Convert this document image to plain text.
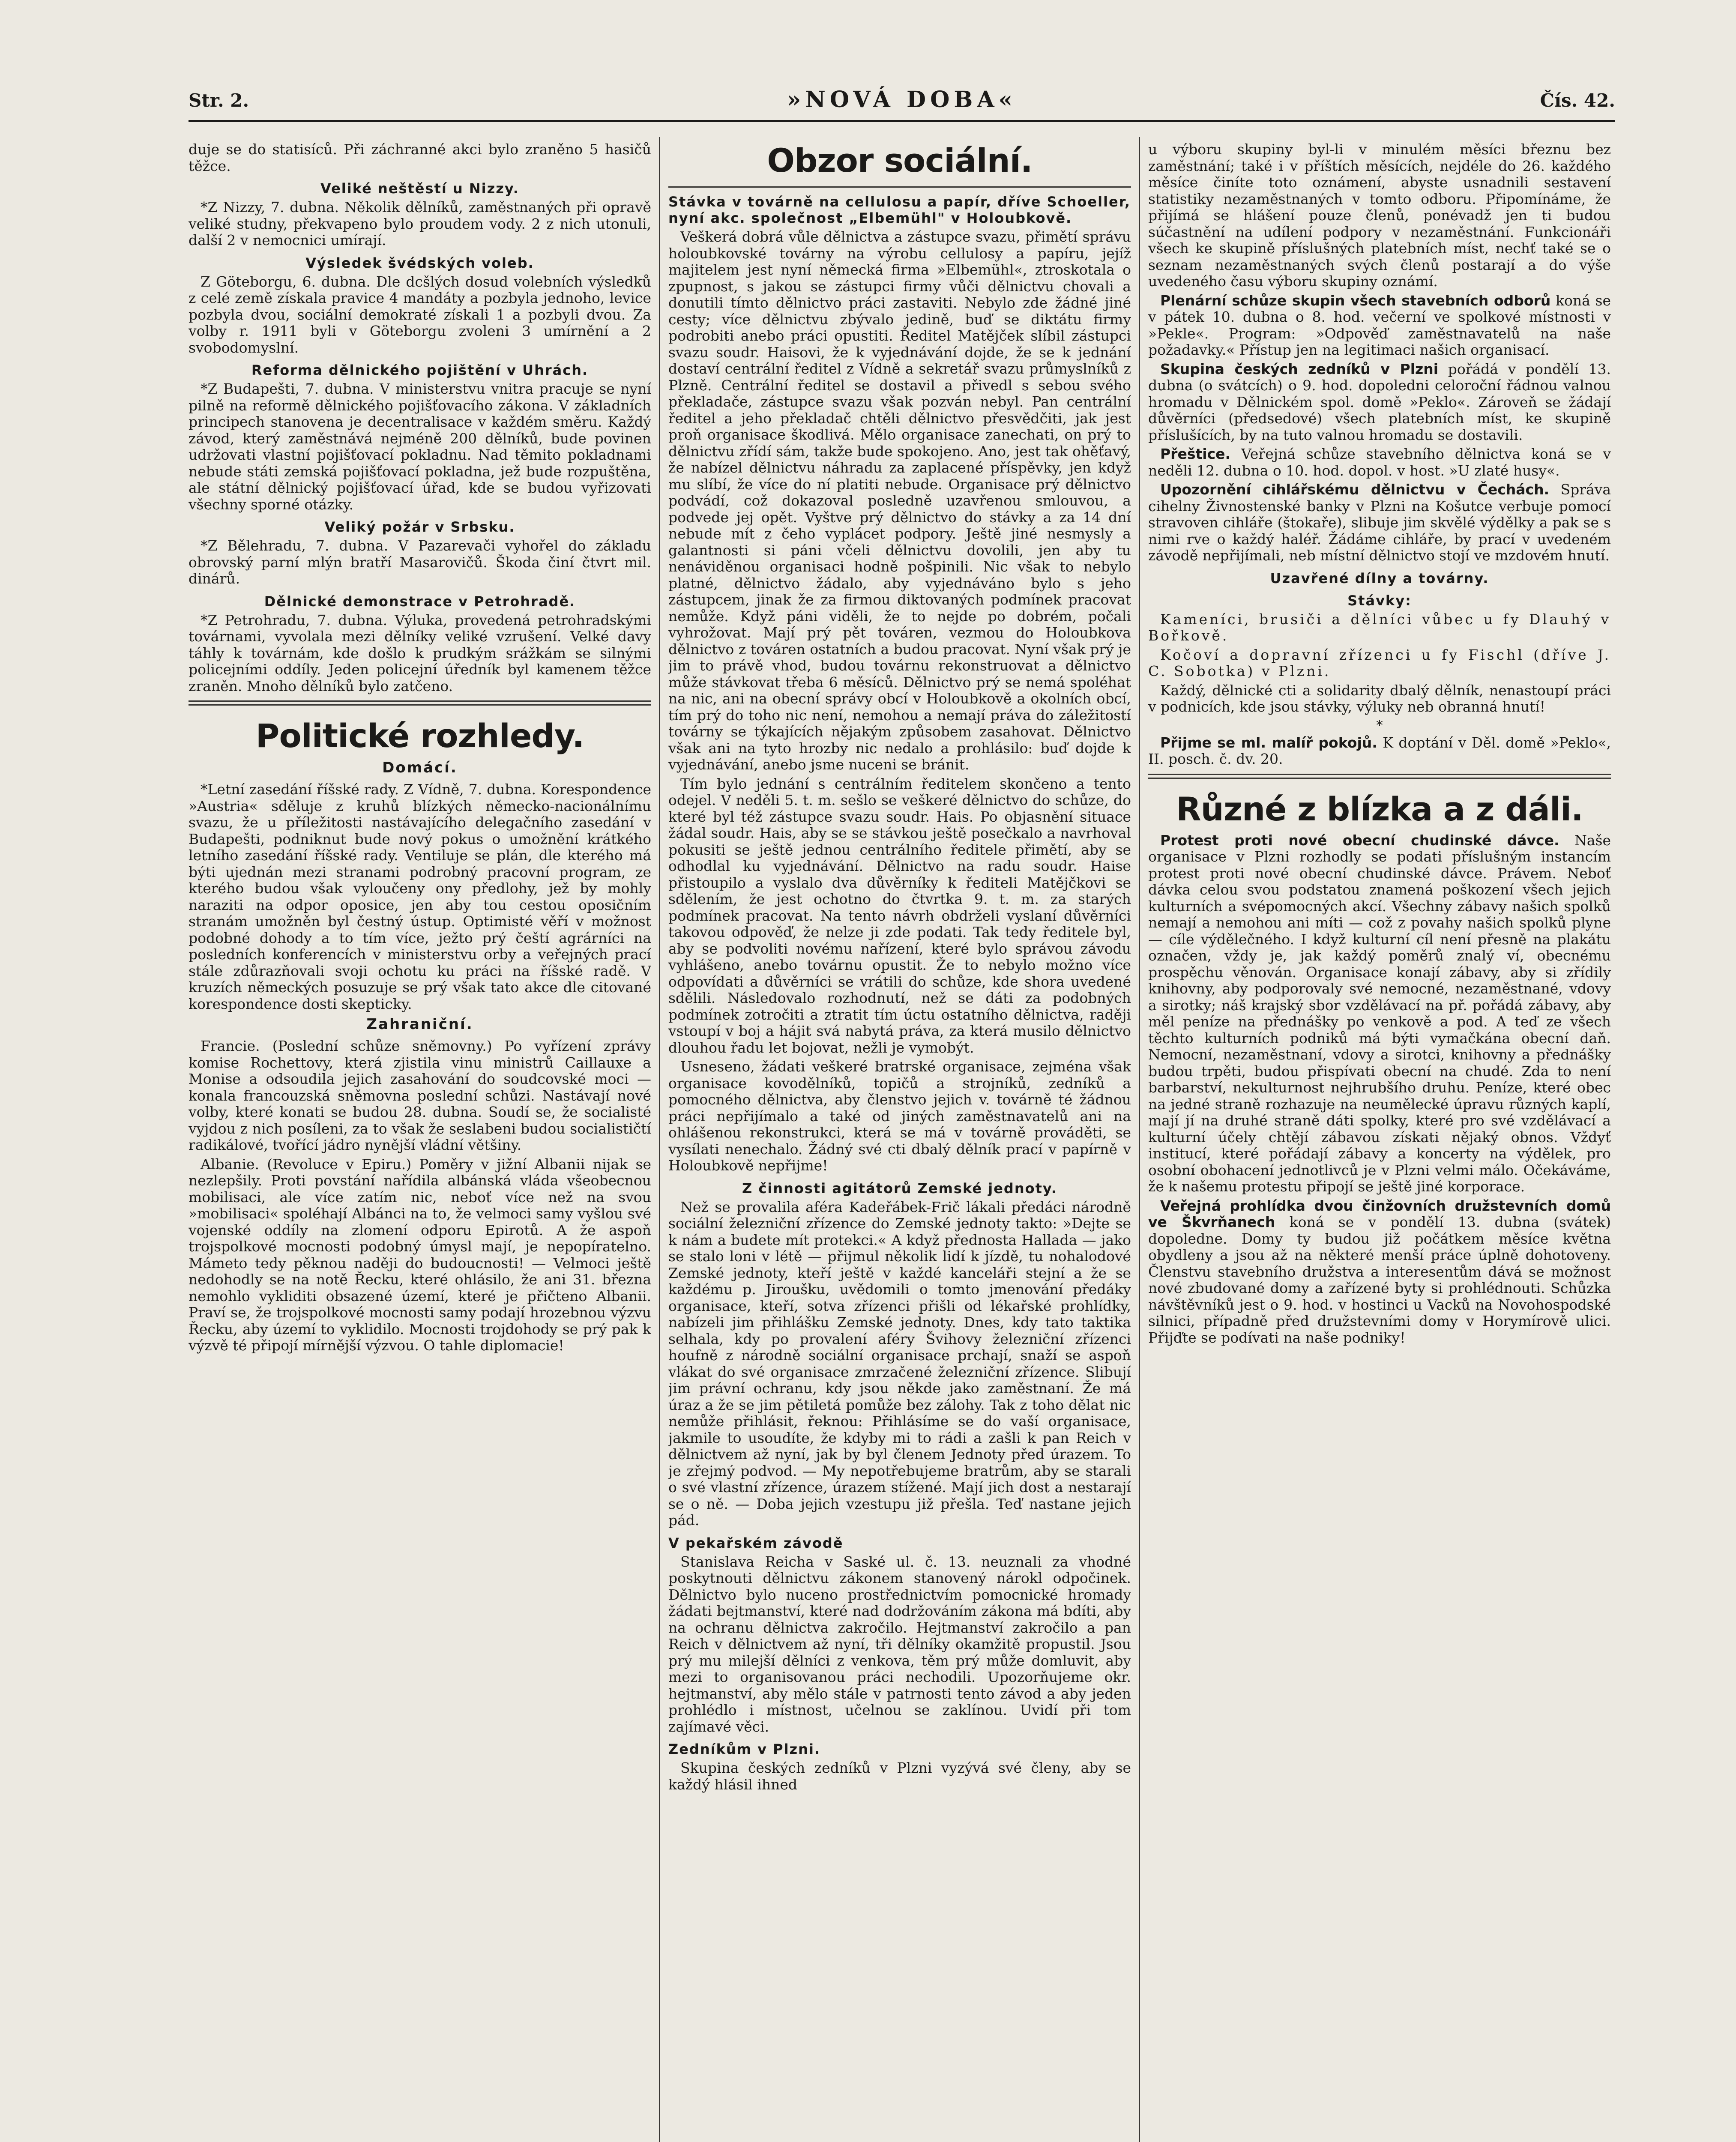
Str. 2.	»NOVÁ DOBA«	Čís. 42.

duje se do statisíců. Při záchranné akci bylo zraněno 5 hasičů těžce.

Veliké neštěstí u Nizzy.

*Z Nizzy, 7. dubna. Několik dělníků, zaměstnaných při opravě veliké studny, překvapeno bylo proudem vody. 2 z nich utonuli, další 2 v nemocnici umírají.

Výsledek švédských voleb.

Z Göteborgu, 6. dubna. Dle dcšlých dosud volebních výsledků z celé země získala pravice 4 mandáty a pozbyla jednoho, levice pozbyla dvou, sociální demokraté získali 1 a pozbyli dvou. Za volby r. 1911 byli v Göteborgu zvoleni 3 umírnění a 2 svobodomyslní.

Reforma dělnického pojištění v Uhrách.

*Z Budapešti, 7. dubna. V ministerstvu vnitra pracuje se nyní pilně na reformě dělnického pojišťovacího zákona. V základních principech stanovena je decentralisace v každém směru. Každý závod, který zaměstnává nejméně 200 dělníků, bude povinen udržovati vlastní pojišťovací pokladnu. Nad těmito pokladnami nebude státi zemská pojišťovací pokladna, jež bude rozpuštěna, ale státní dělnický pojišťovací úřad, kde se budou vyřizovati všechny sporné otázky.

Veliký požár v Srbsku.

*Z Bělehradu, 7. dubna. V Pazarevači vyhořel do základu obrovský parní mlýn bratří Masarovičů. Škoda činí čtvrt mil. dinárů.

Dělnické demonstrace v Petrohradě.

*Z Petrohradu, 7. dubna. Výluka, provedená petrohradskými továrnami, vyvolala mezi dělníky veliké vzrušení. Velké davy táhly k továrnám, kde došlo k prudkým srážkám se silnými policejními oddíly. Jeden policejní úředník byl kamenem těžce zraněn. Mnoho dělníků bylo zatčeno.

Politické rozhledy.
Domácí.

*Letní zasedání říšské rady. Z Vídně, 7. dubna. Korespondence »Austria« sděluje z kruhů blízkých německo-nacionálnímu svazu, že u příležitosti nastávajícího delegačního zasedání v Budapešti, podniknut bude nový pokus o umožnění krátkého letního zasedání říšské rady. Ventiluje se plán, dle kterého má býti ujednán mezi stranami podrobný pracovní program, ze kterého budou však vyloučeny ony předlohy, jež by mohly naraziti na odpor oposice, jen aby tou cestou oposičním stranám umožněn byl čestný ústup. Optimisté věří v možnost podobné dohody a to tím více, ježto prý čeští agrárníci na posledních konferencích v ministerstvu orby a veřejných prací stále zdůrazňovali svoji ochotu ku práci na říšské radě. V kruzích německých posuzuje se prý však tato akce dle citované korespondence dosti skepticky.

Zahraniční.

Francie. (Poslední schůze sněmovny.) Po vyřízení zprávy komise Rochettovy, která zjistila vinu ministrů Caillauxe a Monise a odsoudila jejich zasahování do soudcovské moci — konala francouzská sněmovna poslední schůzi. Nastávají nové volby, které konati se budou 28. dubna. Soudí se, že socialisté vyjdou z nich posíleni, za to však že seslabeni budou socialističtí radikálové, tvořící jádro nynější vládní většiny.

Albanie. (Revoluce v Epiru.) Poměry v jižní Albanii nijak se nezlepšily. Proti povstání nařídila albánská vláda všeobecnou mobilisaci, ale více zatím nic, neboť více než na svou »mobilisaci« spoléhají Albánci na to, že velmoci samy vyšlou své vojenské oddíly na zlomení odporu Epirotů. A že aspoň trojspolkové mocnosti podobný úmysl mají, je nepopíratelno. Mámeto tedy pěknou naději do budoucnosti! — Velmoci ještě nedohodly se na notě Řecku, které ohlásilo, že ani 31. března nemohlo vykliditi obsazené území, které je přičteno Albanii. Praví se, že trojspolkové mocnosti samy podají hrozebnou výzvu Řecku, aby území to vyklidilo. Mocnosti trojdohody se prý pak k výzvě té připojí mírnější výzvou. O tahle diplomacie!

Obzor sociální.
Stávka v továrně na cellulosu a papír, dříve Schoeller, nyní akc. společnost „Elbemühl" v Holoubkově.

Veškerá dobrá vůle dělnictva a zástupce svazu, přimětí správu holoubkovské továrny na výrobu cellulosy a papíru, jejíž majitelem jest nyní německá firma »Elbemühl«, ztroskotala o zpupnost, s jakou se zástupci firmy vůči dělnictvu chovali a donutili tímto dělnictvo práci zastaviti. Nebylo zde žádné jiné cesty; více dělnictvu zbývalo jedině, buď se diktátu firmy podrobiti anebo práci opustiti. Ředitel Matějček slíbil zástupci svazu soudr. Haisovi, že k vyjednávání dojde, že se k jednání dostaví centrální ředitel z Vídně a sekretář svazu průmyslníků z Plzně. Centrální ředitel se dostavil a přivedl s sebou svého překladače, zástupce svazu však pozván nebyl. Pan centrální ředitel a jeho překladač chtěli dělnictvo přesvědčiti, jak jest proň organisace škodlivá. Mělo organisace zanechati, on prý to dělnictvu zřídí sám, takže bude spokojeno. Ano, jest tak ohěťavý, že nabízel dělnictvu náhradu za zaplacené příspěvky, jen když mu slíbí, že více do ní platiti nebude. Organisace prý dělnictvo podvádí, což dokazoval posledně uzavřenou smlouvou, a podvede jej opět. Vyštve prý dělnictvo do stávky a za 14 dní nebude mít z čeho vyplácet podpory. Ještě jiné nesmysly a galantnosti si páni včeli dělnictvu dovolili, jen aby tu nenáviděnou organisaci hodně pošpinili. Nic však to nebylo platné, dělnictvo žádalo, aby vyjednáváno bylo s jeho zástupcem, jinak že za firmou diktovaných podmínek pracovat nemůže. Když páni viděli, že to nejde po dobrém, počali vyhrožovat. Mají prý pět továren, vezmou do Holoubkova dělnictvo z továren ostatních a budou pracovat. Nyní však prý je jim to právě vhod, budou továrnu rekonstruovat a dělnictvo může stávkovat třeba 6 měsíců. Dělnictvo prý se nemá spoléhat na nic, ani na obecní správy obcí v Holoubkově a okolních obcí, tím prý do toho nic není, nemohou a nemají práva do záležitostí továrny se týkajících nějakým způsobem zasahovat. Dělnictvo však ani na tyto hrozby nic nedalo a prohlásilo: buď dojde k vyjednávání, anebo jsme nuceni se bránit.

Tím bylo jednání s centrálním ředitelem skončeno a tento odejel. V neděli 5. t. m. sešlo se veškeré dělnictvo do schůze, do které byl též zástupce svazu soudr. Hais. Po objasnění situace žádal soudr. Hais, aby se se stávkou ještě posečkalo a navrhoval pokusiti se ještě jednou centrálního ředitele přimětí, aby se odhodlal ku vyjednávání. Dělnictvo na radu soudr. Haise přistoupilo a vyslalo dva důvěrníky k řediteli Matějčkovi se sdělením, že jest ochotno do čtvrtka 9. t. m. za starých podmínek pracovat. Na tento návrh obdrželi vyslaní důvěrníci takovou odpověď, že nelze ji zde podati. Tak tedy ředitele byl, aby se podvoliti novému nařízení, které bylo správou závodu vyhlášeno, anebo továrnu opustit. Že to nebylo možno více odpovídati a důvěrníci se vrátili do schůze, kde shora uvedené sdělili. Následovalo rozhodnutí, než se dáti za podobných podmínek zotročiti a ztratit tím úctu ostatního dělnictva, raději vstoupí v boj a hájit svá nabytá práva, za která musilo dělnictvo dlouhou řadu let bojovat, nežli je vymobýt.

Usneseno, žádati veškeré bratrské organisace, zejména však organisace kovodělníků, topičů a strojníků, zedníků a pomocného dělnictva, aby členstvo jejich v. továrně té žádnou práci nepřijímalo a také od jiných zaměstnavatelů ani na ohlášenou rekonstrukci, která se má v továrně prováděti, se vysílati nenechalo. Žádný své cti dbalý dělník prací v papírně v Holoubkově nepřijme!

Z činnosti agitátorů Zemské jednoty.

Než se provalila aféra Kadeřábek-Frič lákali předáci národně sociální železniční zřízence do Zemské jednoty takto: »Dejte se k nám a budete mít protekci.« A když přednosta Hallada — jako se stalo loni v létě — přijmul několik lidí k jízdě, tu nohalodové Zemské jednoty, kteří ještě v každé kanceláři stejní a že se každému p. Jiroušku, uvědomili o tomto jmenování předáky organisace, kteří, sotva zřízenci přišli od lékařské prohlídky, nabízeli jim přihlášku Zemské jednoty. Dnes, kdy tato taktika selhala, kdy po provalení aféry Švihovy železniční zřízenci houfně z národně sociální organisace prchají, snaží se aspoň vlákat do své organisace zmrzačené železniční zřízence. Slibují jim právní ochranu, kdy jsou někde jako zaměstnaní. Že má úraz a že se jim pětiletá pomůže bez zálohy. Tak z toho dělat nic nemůže přihlásit, řeknou: Přihlásíme se do vaší organisace, jakmile to usoudíte, že kdyby mi to rádi a zašli k pan Reich v dělnictvem až nyní, jak by byl členem Jednoty před úrazem. To je zřejmý podvod. — My nepotřebujeme bratrům, aby se starali o své vlastní zřízence, úrazem stížené. Mají jich dost a nestarají se o ně. — Doba jejich vzestupu již přešla. Teď nastane jejich pád.

V pekařském závodě

Stanislava Reicha v Saské ul. č. 13. neuznali za vhodné poskytnouti dělnictvu zákonem stanovený nárokl odpočinek. Dělnictvo bylo nuceno prostřednictvím pomocnické hromady žádati bejtmanství, které nad dodržováním zákona má bdíti, aby na ochranu dělnictva zakročilo. Hejtmanství zakročilo a pan Reich v dělnictvem až nyní, tři dělníky okamžitě propustil. Jsou prý mu milejší dělníci z venkova, těm prý může domluvit, aby mezi to organisovanou práci nechodili. Upozorňujeme okr. hejtmanství, aby mělo stále v patrnosti tento závod a aby jeden prohlédlo i místnost, učelnou se zaklínou. Uvidí při tom zajímavé věci.

Zedníkům v Plzni.

Skupina českých zedníků v Plzni vyzývá své členy, aby se každý hlásil ihned

u výboru skupiny byl-li v minulém měsíci březnu bez zaměstnání; také i v příštích měsících, nejdéle do 26. každého měsíce činíte toto oznámení, abyste usnadnili sestavení statistiky nezaměstnaných v tomto odboru. Připomínáme, že přijímá se hlášení pouze členů, ponévadž jen ti budou súčastnění na udílení podpory v nezaměstnání. Funkcionáři všech ke skupině příslušných platebních míst, nechť také se o seznam nezaměstnaných svých členů postarají a do výše uvedeného času výboru skupiny oznámí.

Plenární schůze skupin všech stavebních odborů koná se v pátek 10. dubna o 8. hod. večerní ve spolkové místnosti v »Pekle«. Program: »Odpověď zaměstnavatelů na naše požadavky.« Přístup jen na legitimaci našich organisací.

Skupina českých zedníků v Plzni pořádá v pondělí 13. dubna (o svátcích) o 9. hod. dopoledni celoroční řádnou valnou hromadu v Dělnickém spol. domě »Peklo«. Zároveň se žádají důvěrníci (předsedové) všech platebních míst, ke skupině příslušících, by na tuto valnou hromadu se dostavili.

Přeštice. Veřejná schůze stavebního dělnictva koná se v neděli 12. dubna o 10. hod. dopol. v host. »U zlaté husy«.

Upozornění cihlářskému dělnictvu v Čechách. Správa cihelny Živnostenské banky v Plzni na Košutce verbuje pomocí stravoven cihláře (štokaře), slibuje jim skvělé výdělky a pak se s nimi rve o každý haléř. Žádáme cihláře, by prací v uvedeném závodě nepřijímali, neb místní dělnictvo stojí ve mzdovém hnutí.

Uzavřené dílny a továrny.
Stávky:

Kameníci, brusiči a dělníci vůbec u fy Dlauhý v Bořkově.

Kočoví a dopravní zřízenci u fy Fischl (dříve J. C. Sobotka) v Plzni.

Každý, dělnické cti a solidarity dbalý dělník, nenastoupí práci v podnicích, kde jsou stávky, výluky neb obranná hnutí!

*

Přijme se ml. malíř pokojů. K doptání v Děl. domě »Peklo«, II. posch. č. dv. 20.

Různé z blízka a z dáli.

Protest proti nové obecní chudinské dávce. Naše organisace v Plzni rozhodly se podati příslušným instancím protest proti nové obecní chudinské dávce. Právem. Neboť dávka celou svou podstatou znamená poškození všech jejich kulturních a svépomocných akcí. Všechny zábavy našich spolků nemají a nemohou ani míti — což z povahy našich spolků plyne — cíle výdělečného. I když kulturní cíl není přesně na plakátu označen, vždy je, jak každý poměrů znalý ví, obecnému prospěchu věnován. Organisace konají zábavy, aby si zřídily knihovny, aby podporovaly své nemocné, nezaměstnané, vdovy a sirotky; náš krajský sbor vzdělávací na př. pořádá zábavy, aby měl peníze na přednášky po venkově a pod. A teď ze všech těchto kulturních podniků má býti vymačkána obecní daň. Nemocní, nezaměstnaní, vdovy a sirotci, knihovny a přednášky budou trpěti, budou přispívati obecní na chudé. Zda to není barbarství, nekulturnost nejhrubšího druhu. Peníze, které obec na jedné straně rozhazuje na neumělecké úpravu různých kaplí, mají jí na druhé straně dáti spolky, které pro své vzdělávací a kulturní účely chtějí zábavou získati nějaký obnos. Vždyť institucí, které pořádají zábavy a koncerty na výdělek, pro osobní obohacení jednotlivců je v Plzni velmi málo. Očekáváme, že k našemu protestu připojí se ještě jiné korporace.

Veřejná prohlídka dvou činžovních družstevních domů ve Škvrňanech koná se v pondělí 13. dubna (svátek) dopoledne. Domy ty budou již počátkem měsíce května obydleny a jsou až na některé menší práce úplně dohotoveny. Členstvu stavebního družstva a interesentům dává se možnost nové zbudované domy a zařízené byty si prohlédnouti. Schůzka návštěvníků jest o 9. hod. v hostinci u Vacků na Novohospodské silnici, případně před družstevními domy v Horymírově ulici. Přijďte se podívati na naše podniky!
